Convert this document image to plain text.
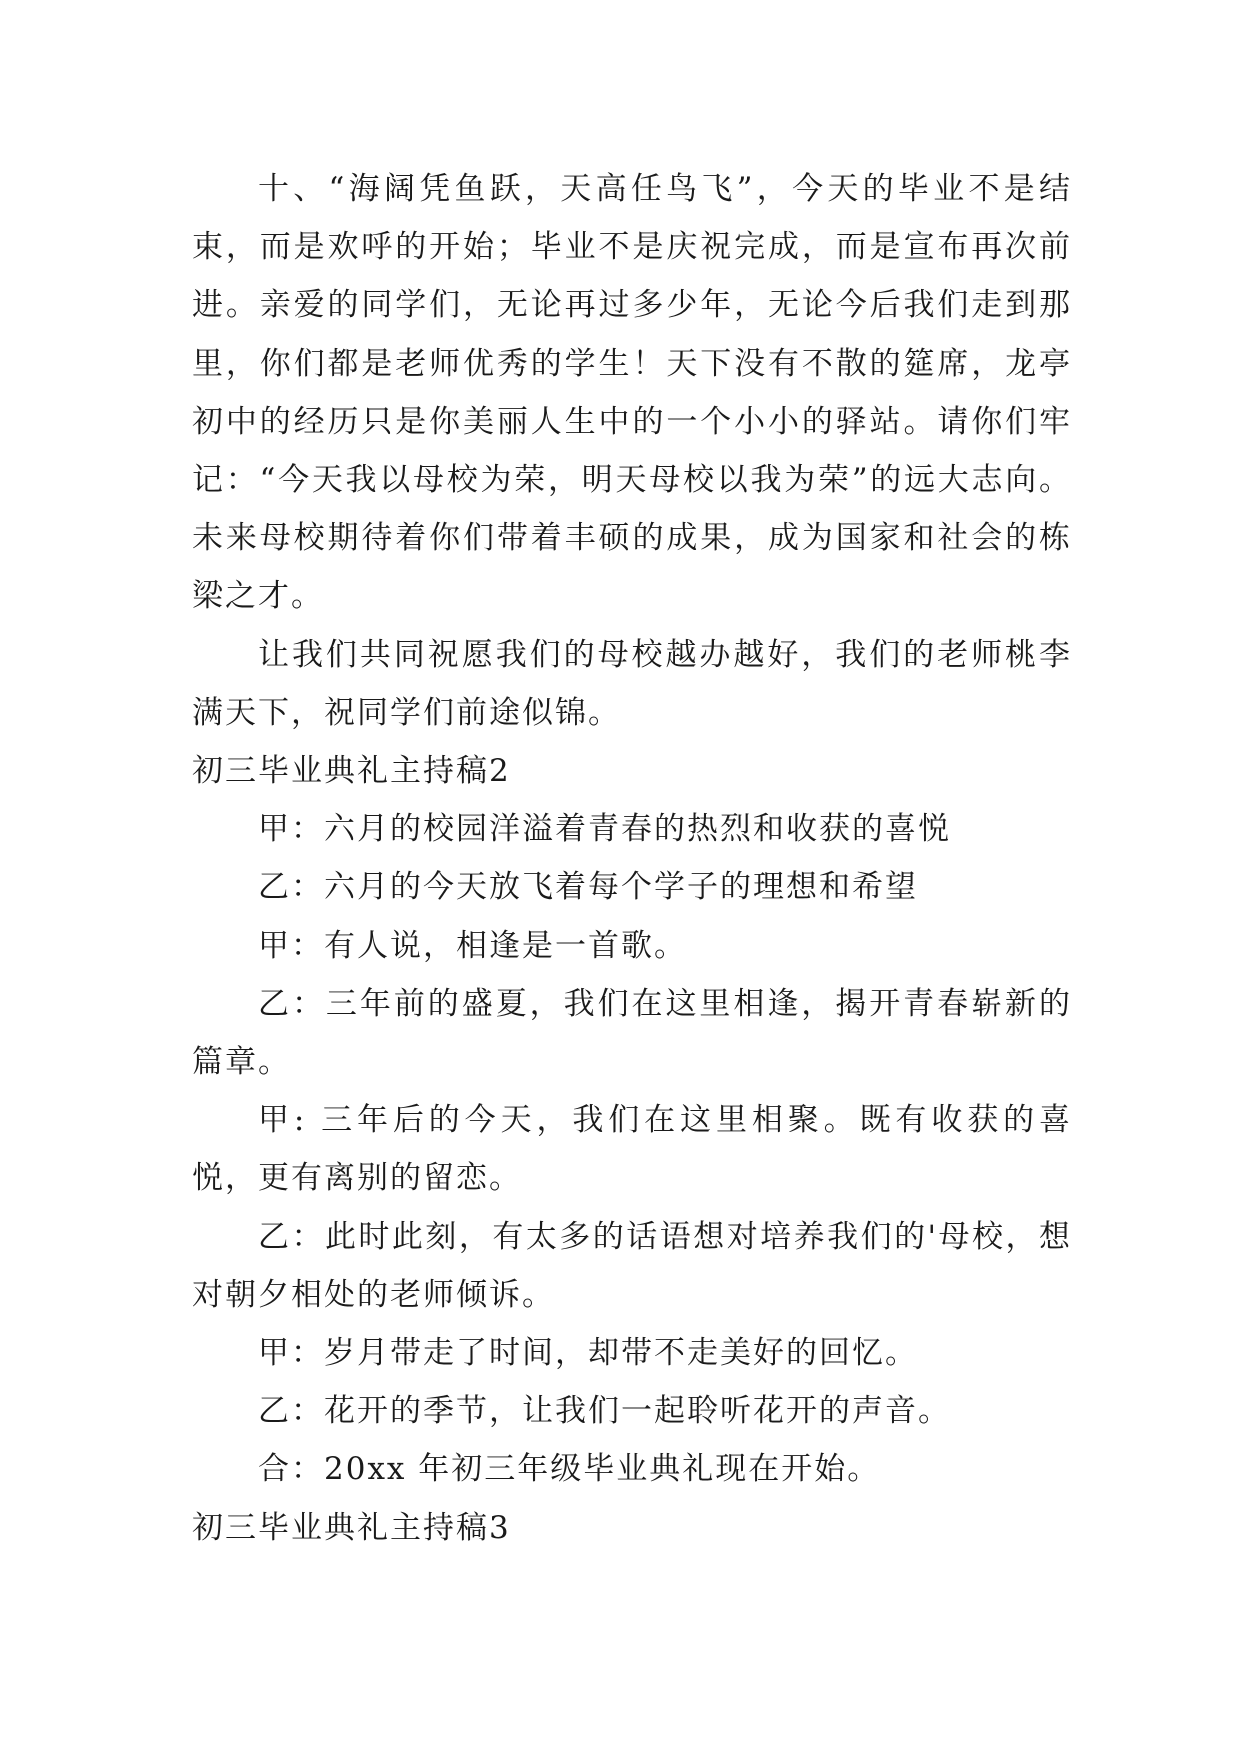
十、“海阔凭鱼跃，天高任鸟飞”，今天的毕业不是结束，而是欢呼的开始；毕业不是庆祝完成，而是宣布再次前进。亲爱的同学们，无论再过多少年，无论今后我们走到那里，你们都是老师优秀的学生！天下没有不散的筵席，龙亭初中的经历只是你美丽人生中的一个小小的驿站。请你们牢记：“今天我以母校为荣，明天母校以我为荣”的远大志向。未来母校期待着你们带着丰硕的成果，成为国家和社会的栋梁之才。

让我们共同祝愿我们的母校越办越好，我们的老师桃李满天下，祝同学们前途似锦。

初三毕业典礼主持稿2

甲：六月的校园洋溢着青春的热烈和收获的喜悦

乙：六月的今天放飞着每个学子的理想和希望

甲：有人说，相逢是一首歌。

乙：三年前的盛夏，我们在这里相逢，揭开青春崭新的篇章。

甲: 三年后的今天，我们在这里相聚。既有收获的喜悦，更有离别的留恋。

乙：此时此刻，有太多的话语想对培养我们的'母校，想对朝夕相处的老师倾诉。

甲：岁月带走了时间，却带不走美好的回忆。

乙：花开的季节，让我们一起聆听花开的声音。

合：20xx 年初三年级毕业典礼现在开始。

初三毕业典礼主持稿3
